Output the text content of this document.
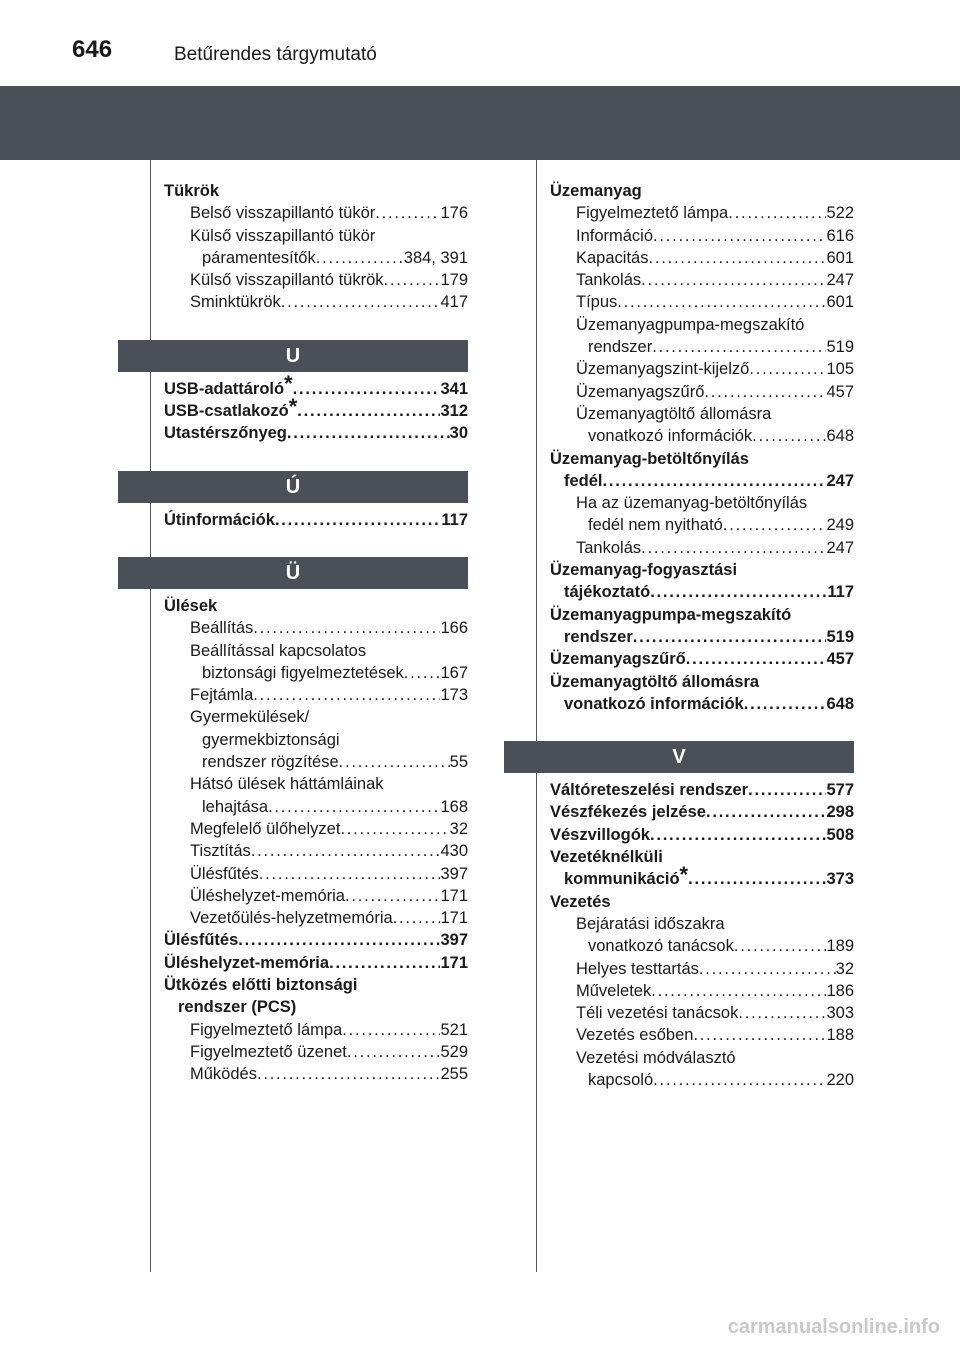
646	Betűrendes tárgymutató
Tükrök
Belső visszapillantó tükör . . .	176
Külső visszapillantó tükör
páramentesítők . . .	384, 391
Külső visszapillantó tükrök . . .	179
Sminktükrök . . .	417
U
USB-adattároló* . . .	341
USB-csatlakozó* . . .	312
Utastérszőnyeg . . .	30
Ú
Útinformációk . . .	117
Ü
Ülések
Beállítás . . .	166
Beállítással kapcsolatos
biztonsági figyelmeztetések . . . 167
Fejtámla . . .	173
Gyermekülések/
gyermekbiztonsági
rendszer rögzítése . . .	55
Hátsó ülések háttámláinak
lehajtása . . .	168
Megfelelő ülőhelyzet . . .	32
Tisztítás . . .	430
Ülésfűtés . . .	397
Üléshelyzet-memória . . .	171
Vezetőülés-helyzetmemória . . .	171
Ülésfűtés . . .	397
Üléshelyzet-memória . . .	171
Ütközés előtti biztonsági
rendszer (PCS)
Figyelmeztető lámpa . . .	521
Figyelmeztető üzenet . . .	529
Működés . . .	255
Üzemanyag
Figyelmeztető lámpa . . .	522
Információ . . .	616
Kapacitás . . .	601
Tankolás . . .	247
Típus . . .	601
Üzemanyagpumpa-megszakító
rendszer . . .	519
Üzemanyagszint-kijelző . . .	105
Üzemanyagszűrő . . .	457
Üzemanyagtöltő állomásra
vonatkozó információk . . .	648
Üzemanyag-betöltőnyílás
fedél . . .	247
Ha az üzemanyag-betöltőnyílás
fedél nem nyitható . . .	249
Tankolás . . .	247
Üzemanyag-fogyasztási
tájékoztató . . .	117
Üzemanyagpumpa-megszakító
rendszer . . .	519
Üzemanyagszűrő . . .	457
Üzemanyagtöltő állomásra
vonatkozó információk . . .	648
V
Váltóreteszelési rendszer . . .	577
Vészfékezés jelzése . . .	298
Vészvillogók . . .	508
Vezetéknélküli
kommunikáció* . . .	373
Vezetés
Bejáratási időszakra
vonatkozó tanácsok . . .	189
Helyes testtartás . . .	32
Műveletek . . .	186
Téli vezetési tanácsok . . .	303
Vezetés esőben . . .	188
Vezetési módválasztó
kapcsoló . . .	220
carmanualsonline.info
